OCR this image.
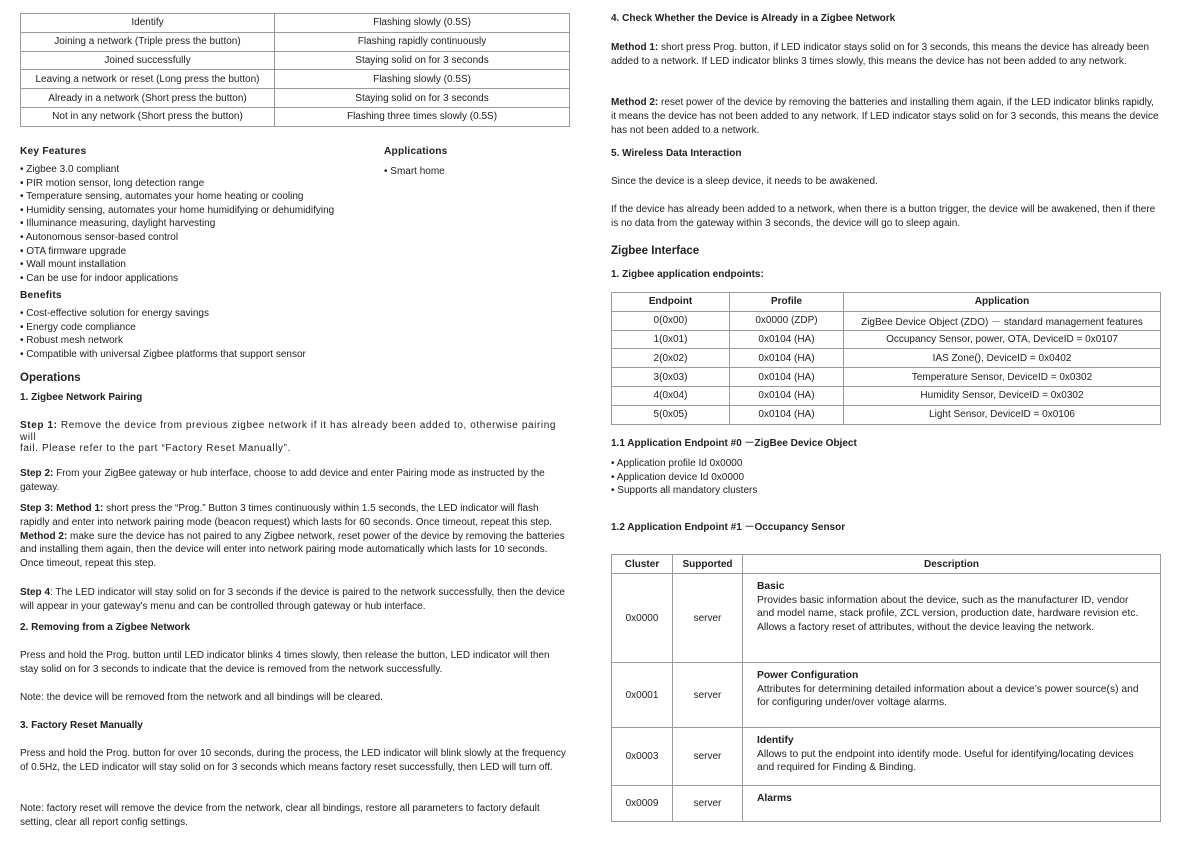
Identify	Flashing slowly (0.5S)
Joining a network (Triple press the button)	Flashing rapidly continuously
Joined successfully	Staying solid on for 3 seconds
Leaving a network or reset (Long press the button)	Flashing slowly (0.5S)
Already in a network (Short press the button)	Staying solid on for 3 seconds
Not in any network (Short press the button)	Flashing three times slowly (0.5S)
Key Features
• Zigbee 3.0 compliant
• PIR motion sensor, long detection range
• Temperature sensing, automates your home heating or cooling
• Humidity sensing, automates your home humidifying or dehumidifying
• Illuminance measuring, daylight harvesting
• Autonomous sensor-based control
• OTA firmware upgrade
• Wall mount installation
• Can be use for indoor applications
Applications
• Smart home
Benefits
• Cost-effective solution for energy savings
• Energy code compliance
• Robust mesh network
• Compatible with universal Zigbee platforms that support sensor
Operations
1. Zigbee Network Pairing
Step 1: Remove the device from previous zigbee network if it has already been added to, otherwise pairing will
fail. Please refer to the part “Factory Reset Manually”.
Step 2: From your ZigBee gateway or hub interface, choose to add device and enter Pairing mode as instructed by the gateway.
Step 3: Method 1: short press the “Prog.” Button 3 times continuously within 1.5 seconds, the LED indicator will flash rapidly and enter into network pairing mode (beacon request) which lasts for 60 seconds. Once timeout, repeat this step.
Method 2: make sure the device has not paired to any Zigbee network, reset power of the device by removing the batteries and installing them again, then the device will enter into network pairing mode automatically which lasts for 10 seconds. Once timeout, repeat this step.
Step 4: The LED indicator will stay solid on for 3 seconds if the device is paired to the network successfully, then the device will appear in your gateway's menu and can be controlled through gateway or hub interface.
2. Removing from a Zigbee Network
Press and hold the Prog. button until LED indicator blinks 4 times slowly, then release the button, LED indicator will then stay solid on for 3 seconds to indicate that the device is removed from the network successfully.
Note: the device will be removed from the network and all bindings will be cleared.
3. Factory Reset Manually
Press and hold the Prog. button for over 10 seconds, during the process, the LED indicator will blink slowly at the frequency of 0.5Hz, the LED indicator will stay solid on for 3 seconds which means factory reset successfully, then LED will turn off.
Note: factory reset will remove the device from the network, clear all bindings, restore all parameters to factory default setting, clear all report config settings.
4. Check Whether the Device is Already in a Zigbee Network
Method 1: short press Prog. button, if LED indicator stays solid on for 3 seconds, this means the device has already been added to a network. If LED indicator blinks 3 times slowly, this means the device has not been added to any network.
Method 2: reset power of the device by removing the batteries and installing them again, if the LED indicator blinks rapidly, it means the device has not been added to any network. If LED indicator stays solid on for 3 seconds, this means the device has not been added to a network.
5. Wireless Data Interaction
Since the device is a sleep device, it needs to be awakened.
If the device has already been added to a network, when there is a button trigger, the device will be awakened, then if there is no data from the gateway within 3 seconds, the device will go to sleep again.
Zigbee Interface
1. Zigbee application endpoints:
Endpoint	Profile	Application
0(0x00)	0x0000 (ZDP)	ZigBee Device Object (ZDO) － standard management features
1(0x01)	0x0104 (HA)	Occupancy Sensor, power, OTA, DeviceID = 0x0107
2(0x02)	0x0104 (HA)	IAS Zone(), DeviceID = 0x0402
3(0x03)	0x0104 (HA)	Temperature Sensor, DeviceID = 0x0302
4(0x04)	0x0104 (HA)	Humidity Sensor, DeviceID = 0x0302
5(0x05)	0x0104 (HA)	Light Sensor, DeviceID = 0x0106
1.1 Application Endpoint #0 －ZigBee Device Object
• Application profile Id 0x0000
• Application device Id 0x0000
• Supports all mandatory clusters
1.2 Application Endpoint #1 －Occupancy Sensor
Cluster	Supported	Description
0x0000	server	Basic
Provides basic information about the device, such as the manufacturer ID, vendor and model name, stack profile, ZCL version, production date, hardware revision etc. Allows a factory reset of attributes, without the device leaving the network.
0x0001	server	Power Configuration
Attributes for determining detailed information about a device’s power source(s) and for configuring under/over voltage alarms.
0x0003	server	Identify
Allows to put the endpoint into identify mode. Useful for identifying/locating devices and required for Finding & Binding.
0x0009	server	Alarms
